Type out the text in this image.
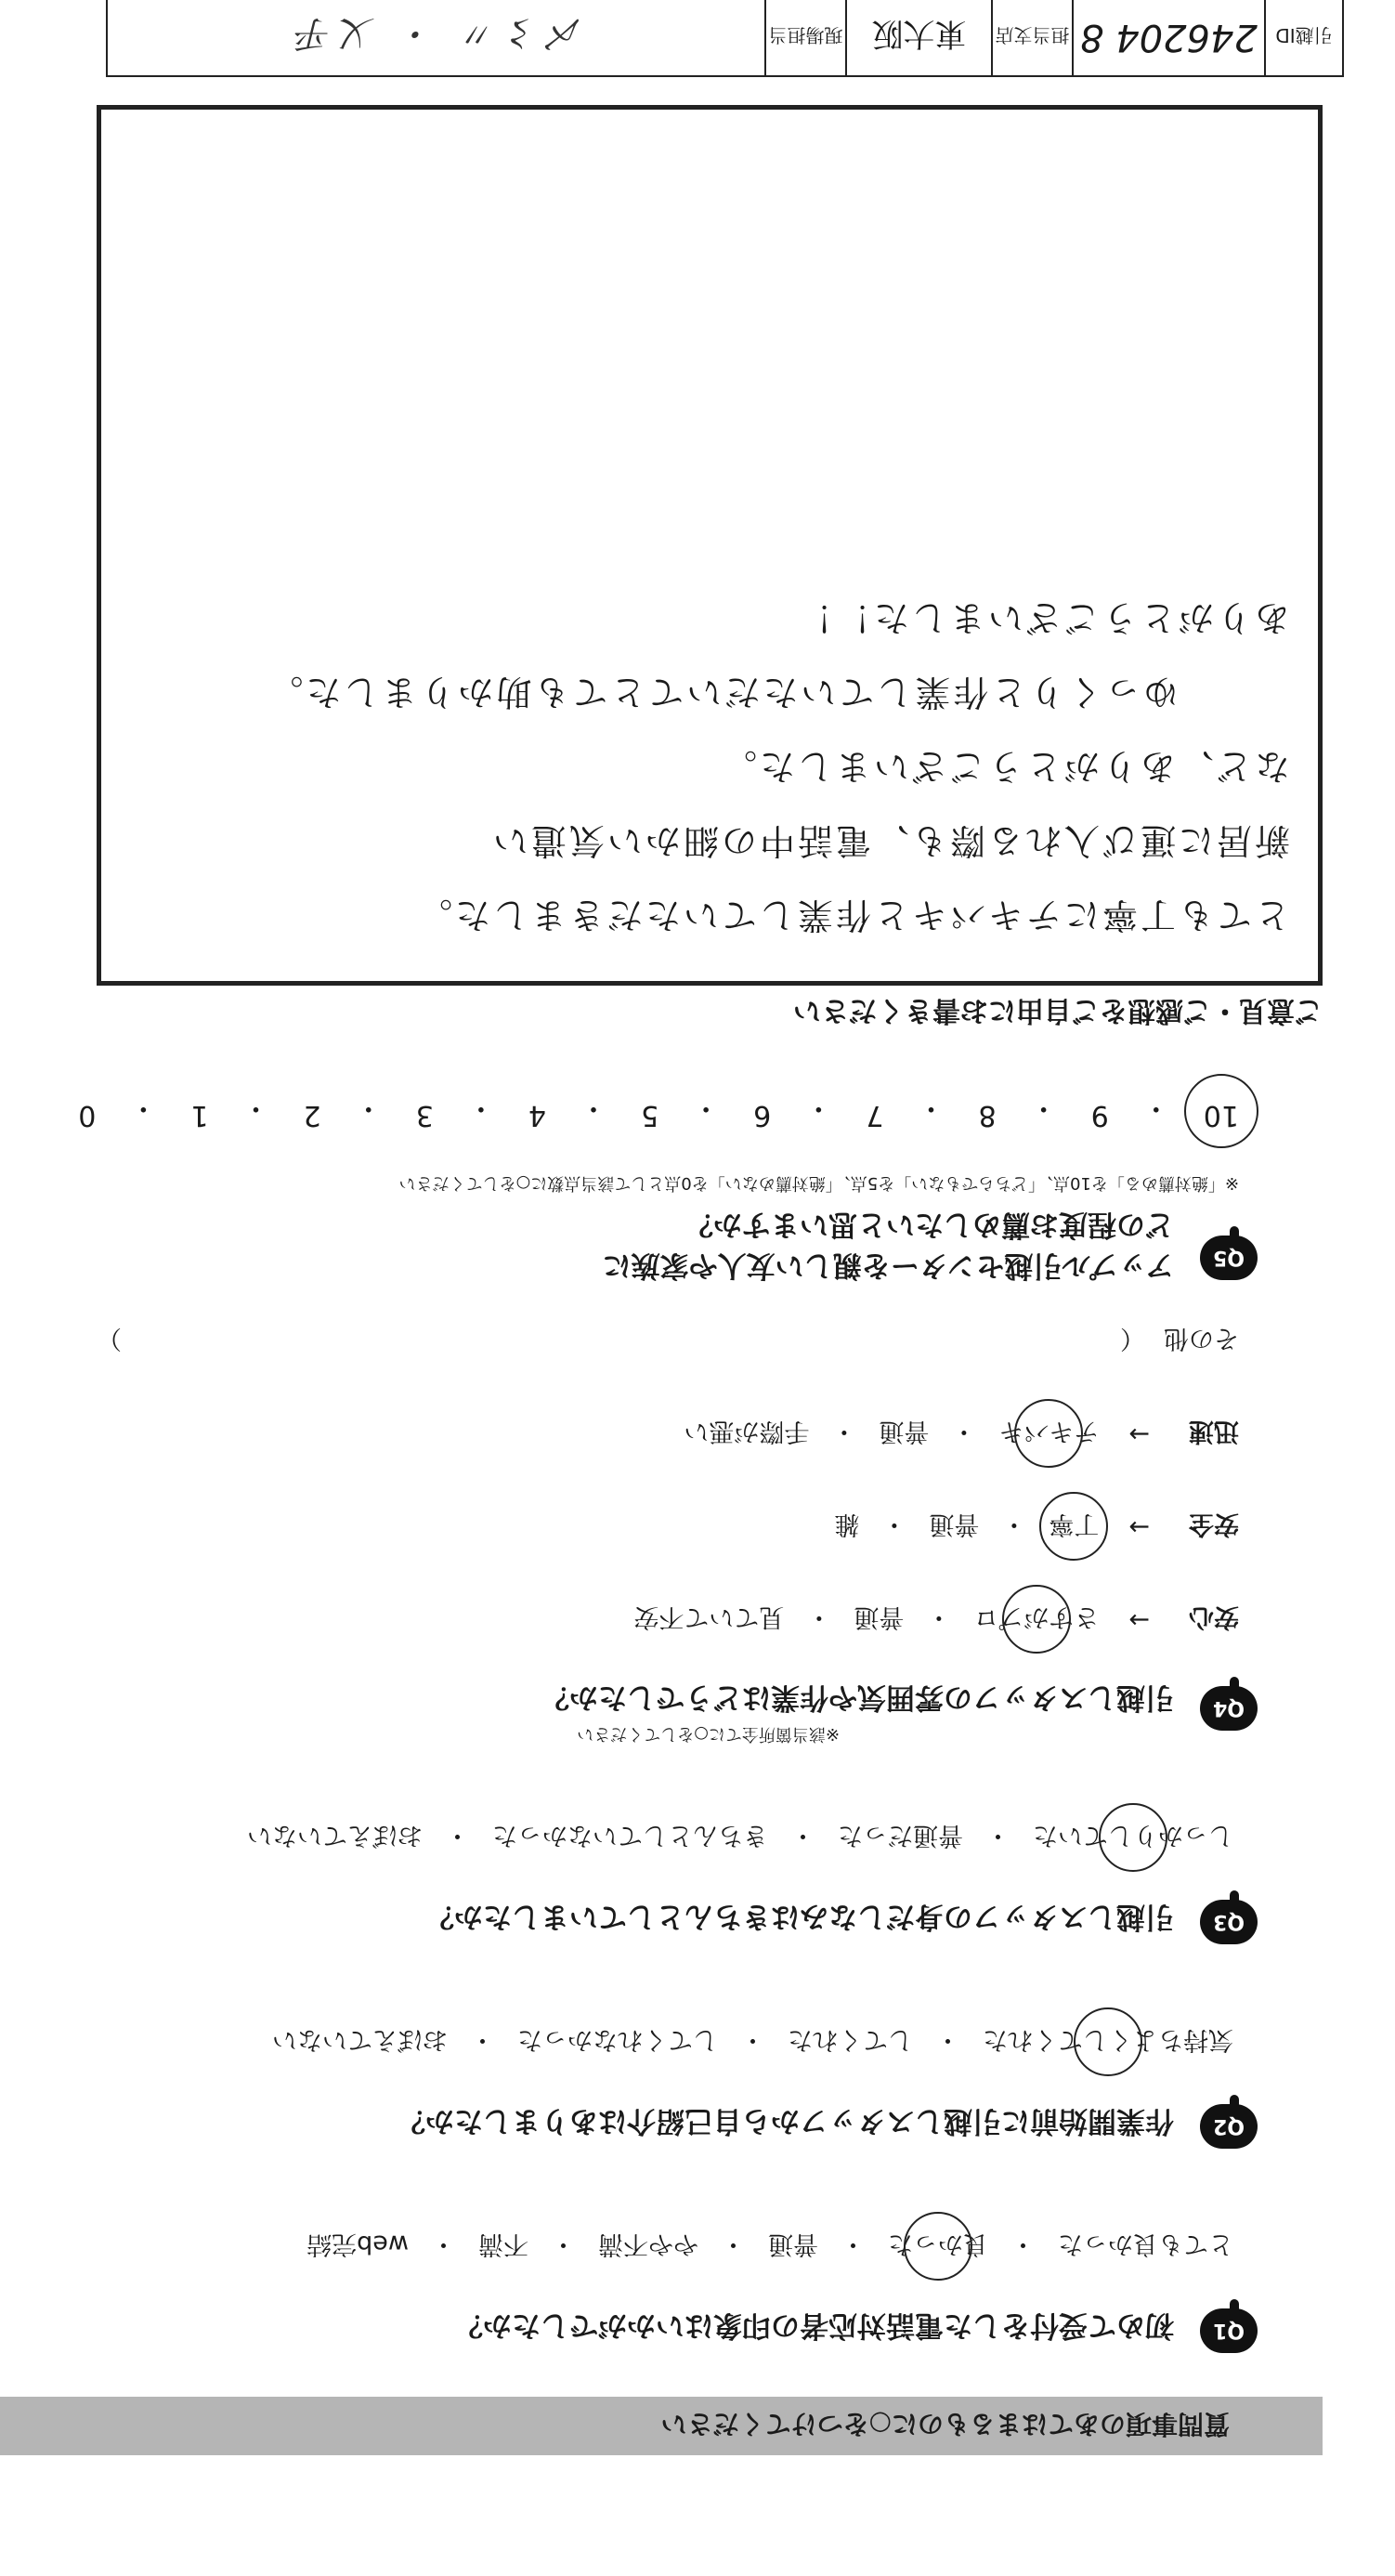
引越ID
246204 8
担当支店
東大阪
現場担当
〆〻〃 ・ 乂乎
質問事項のあてはまるものに○をつけてください
Q1
初めて受付をした電話対応者の印象はいかがでしたか？
とても良かった
・
良かった
・
普通
・
やや不満
・
不満
・
web完結
Q2
作業開始前に引越しスタッフから自己紹介はありましたか？
気持ちよくしてくれた
・
してくれた
・
してくれなかった
・
おぼえていない
Q3
引越しスタッフの身だしなみはきちんとしていましたか？
しっかりしていた
・
普通だった
・
きちんとしていなかった
・
おぼえていない
Q4
引越しスタッフの雰囲気や作業はどうでしたか？
※該当箇所全てに○をしてください
安心
→
さすがプロ
・
普通
・
見ていて不安
安全
→
丁寧
・
普通
・
雑
迅速
→
テキパキ
・
普通
・
手際が悪い
その他
（
）
Q5
アップル引越センターを親しい友人や家族に
どの程度お薦めしたいと思いますか？
※「絶対薦める」を10点、「どちらでもない」を5点、「絶対薦めない」を0点として該当点数に○をしてください
10
・
9
・
8
・
7
・
6
・
5
・
4
・
3
・
2
・
1
・
0
ご意見・ご感想をご自由にお書きください
とても丁寧にテキパキと作業していただきました。
新居に運び入れる際も、電話中の細かい気遣い
など、ありがとうございました。
ゆっくりと作業していただいてとても助かりました。
ありがとうございました！！
